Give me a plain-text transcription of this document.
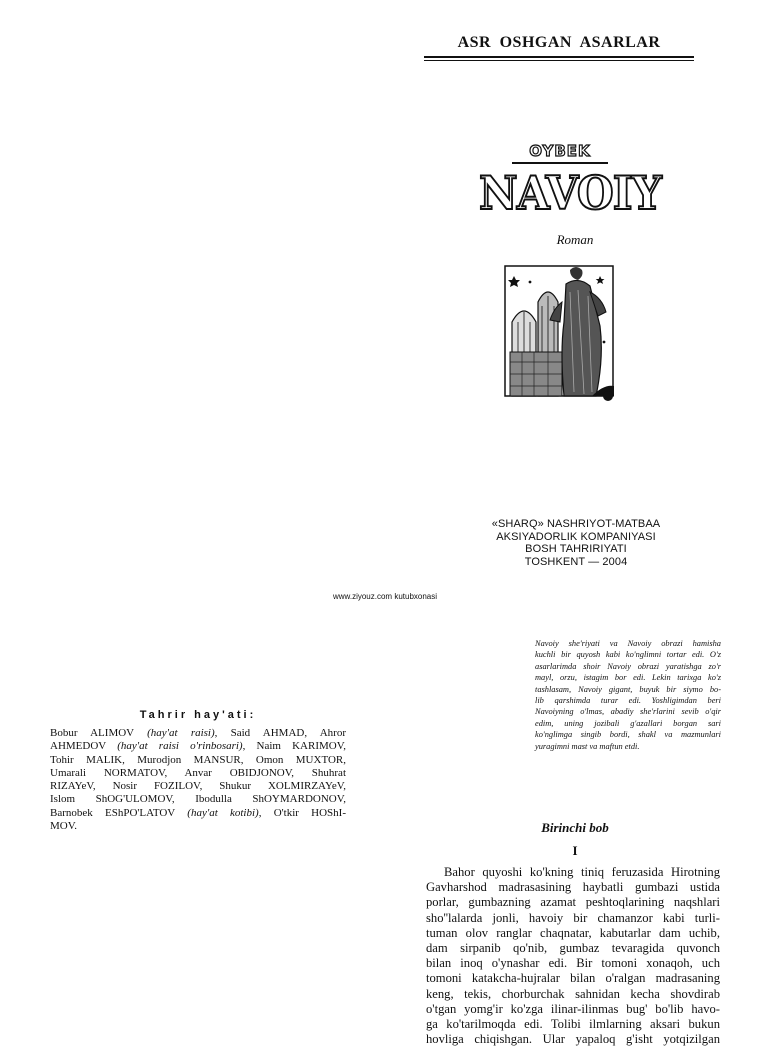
ASR OSHGAN ASARLAR
OYBEK
NAVOIY
Roman
«SHARQ» NASHRIYOT-MATBAA
AKSIYADORLIK KOMPANIYASI
BOSH TAHRIRIYATI
TOSHKENT — 2004
www.ziyouz.com kutubxonasi
Navoiy she'riyati va Navoiy obrazi hamisha
kuchli bir quyosh kabi ko'nglimni tortar edi. O'z
asarlarimda shoir Navoiy obrazi yaratishga zo'r
mayl, orzu, istagim bor edi. Lekin tarixga ko'z
tashlasam, Navoiy gigant, buyuk bir siymo bo-
lib qarshimda turar edi. Yoshligimdan beri
Navoiyning o'lmas, abadiy she'rlarini sevib o'qir
edim, uning jozibali g'azallari borgan sari
ko'nglimga singib bordi, shakl va mazmunlari
yuragimni mast va maftun etdi.
Tahrir hay'ati:
Bobur ALIMOV (hay'at raisi), Said AHMAD, Ahror
AHMEDOV (hay'at raisi o'rinbosari), Naim KARIMOV,
Tohir MALIK, Murodjon MANSUR, Omon MUXTOR,
Umarali NORMATOV, Anvar OBIDJONOV, Shuhrat
RIZAYeV, Nosir FOZILOV, Shukur XOLMIRZAYeV,
Islom ShOG'ULOMOV, Ibodulla ShOYMARDONOV,
Barnobek EShPO'LATOV (hay'at kotibi), O'tkir HOShI-
MOV.	Birinchi bob
I
Bahor quyoshi ko'kning tiniq feruzasida Hirotning
Gavharshod madrasasining haybatli gumbazi ustida
porlar, gumbazning azamat peshtoqlarining naqshlari
sho''lalarda jonli, havoiy bir chamanzor kabi turli-
tuman olov ranglar chaqnatar, kabutarlar dam uchib,
dam sirpanib qo'nib, gumbaz tevaragida quvonch
bilan inoq o'ynashar edi. Bir tomoni xonaqoh, uch
tomoni katakcha-hujralar bilan o'ralgan madrasaning
keng, tekis, chorburchak sahnidan kecha shovdirab
o'tgan yomg'ir ko'zga ilinar-ilinmas bug' bo'lib havo-
ga ko'tarilmoqda edi. Tolibi ilmlarning aksari bukun
hovliga chiqishgan. Ular yapaloq g'isht yotqizilgan
